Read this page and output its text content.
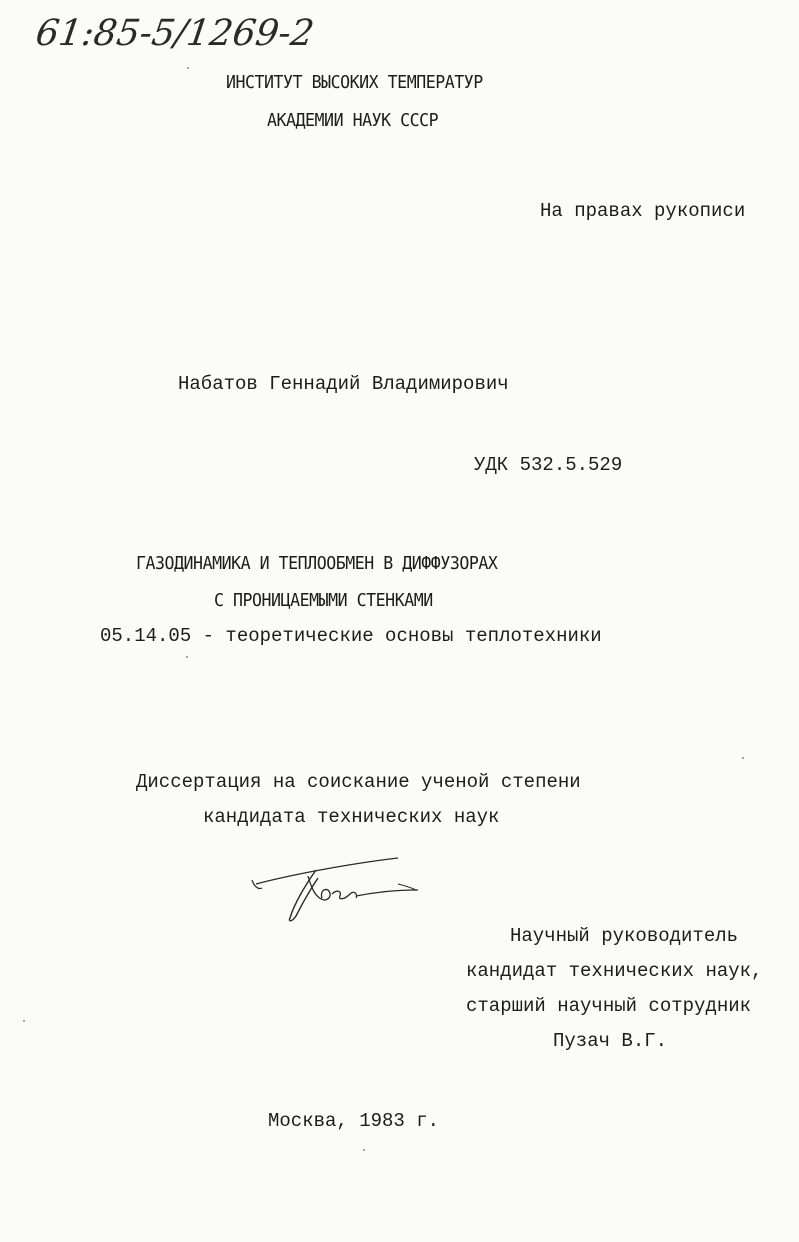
61:85-5/1269-2
ИНСТИТУТ ВЫСОКИХ ТЕМПЕРАТУР
АКАДЕМИИ НАУК СССР
На правах рукописи
Набатов Геннадий Владимирович
УДК 532.5.529
ГАЗОДИНАМИКА И ТЕПЛООБМЕН В ДИФФУЗОРАХ
С ПРОНИЦАЕМЫМИ СТЕНКАМИ
05.14.05 - теоретические основы теплотехники
Диссертация на соискание ученой степени
кандидата технических наук
Научный руководитель
кандидат технических наук,
старший научный сотрудник
Пузач В.Г.
Москва, 1983 г.
